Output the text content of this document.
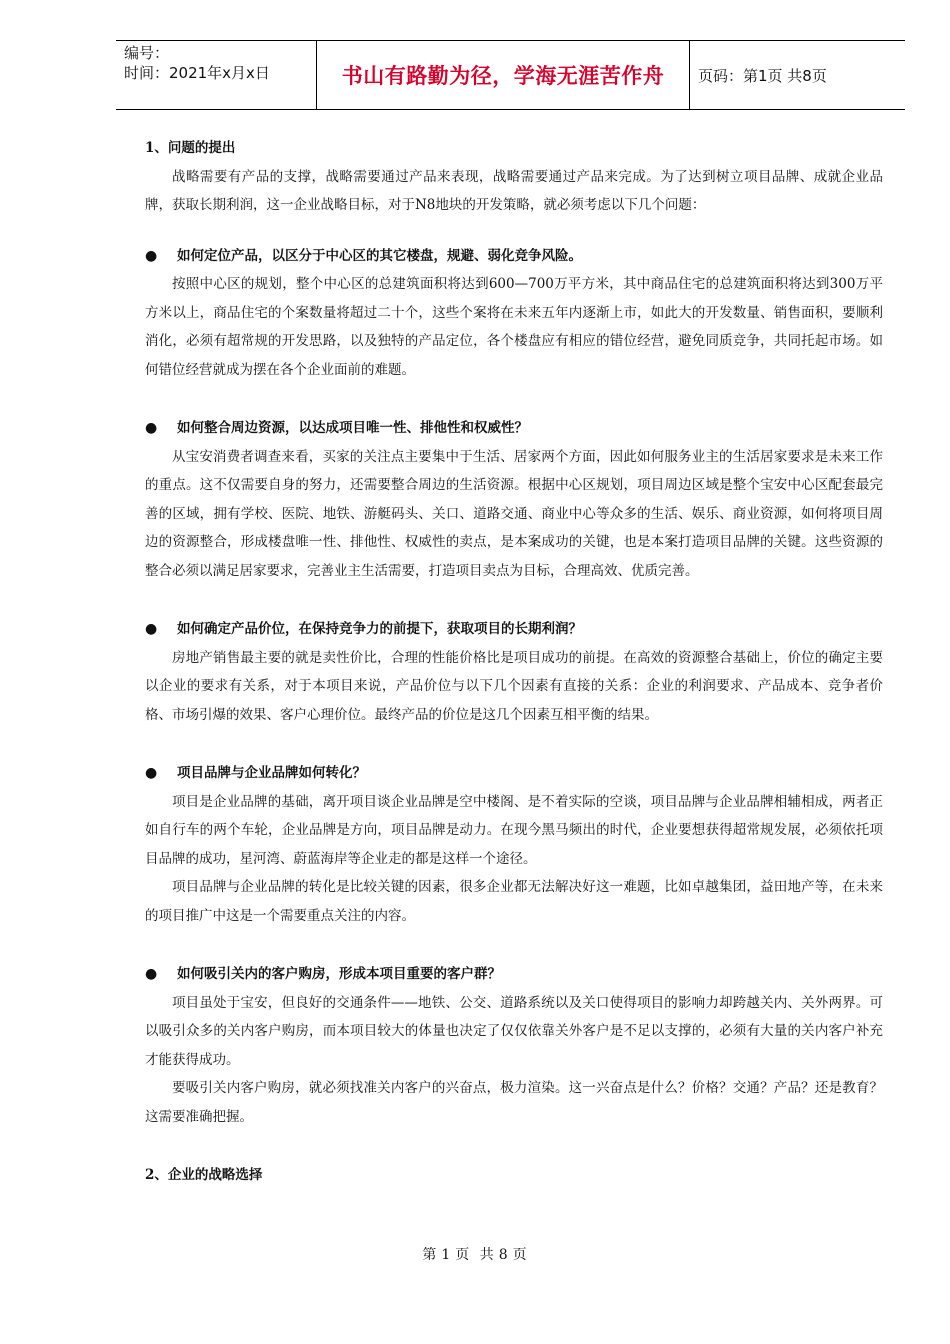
编号：
时间：2021年x月x日	书山有路勤为径，学海无涯苦作舟	页码：第1页 共8页

1、问题的提出

战略需要有产品的支撑，战略需要通过产品来表现，战略需要通过产品来完成。为了达到树立项目品牌、成就企业品牌，获取长期利润，这一企业战略目标，对于N8地块的开发策略，就必须考虑以下几个问题：

● 如何定位产品，以区分于中心区的其它楼盘，规避、弱化竞争风险。

按照中心区的规划，整个中心区的总建筑面积将达到600—700万平方米，其中商品住宅的总建筑面积将达到300万平方米以上，商品住宅的个案数量将超过二十个，这些个案将在未来五年内逐渐上市，如此大的开发数量、销售面积，要顺利消化，必须有超常规的开发思路，以及独特的产品定位，各个楼盘应有相应的错位经营，避免同质竞争，共同托起市场。如何错位经营就成为摆在各个企业面前的难题。

● 如何整合周边资源，以达成项目唯一性、排他性和权威性？

从宝安消费者调查来看，买家的关注点主要集中于生活、居家两个方面，因此如何服务业主的生活居家要求是未来工作的重点。这不仅需要自身的努力，还需要整合周边的生活资源。根据中心区规划，项目周边区域是整个宝安中心区配套最完善的区域，拥有学校、医院、地铁、游艇码头、关口、道路交通、商业中心等众多的生活、娱乐、商业资源，如何将项目周边的资源整合，形成楼盘唯一性、排他性、权威性的卖点，是本案成功的关键，也是本案打造项目品牌的关键。这些资源的整合必须以满足居家要求，完善业主生活需要，打造项目卖点为目标，合理高效、优质完善。

● 如何确定产品价位，在保持竞争力的前提下，获取项目的长期利润？

房地产销售最主要的就是卖性价比，合理的性能价格比是项目成功的前提。在高效的资源整合基础上，价位的确定主要以企业的要求有关系，对于本项目来说，产品价位与以下几个因素有直接的关系：企业的利润要求、产品成本、竞争者价格、市场引爆的效果、客户心理价位。最终产品的价位是这几个因素互相平衡的结果。

● 项目品牌与企业品牌如何转化？

项目是企业品牌的基础，离开项目谈企业品牌是空中楼阁、是不着实际的空谈，项目品牌与企业品牌相辅相成，两者正如自行车的两个车轮，企业品牌是方向，项目品牌是动力。在现今黑马频出的时代，企业要想获得超常规发展，必须依托项目品牌的成功，星河湾、蔚蓝海岸等企业走的都是这样一个途径。

项目品牌与企业品牌的转化是比较关键的因素，很多企业都无法解决好这一难题，比如卓越集团，益田地产等，在未来的项目推广中这是一个需要重点关注的内容。

● 如何吸引关内的客户购房，形成本项目重要的客户群？

项目虽处于宝安，但良好的交通条件——地铁、公交、道路系统以及关口使得项目的影响力却跨越关内、关外两界。可以吸引众多的关内客户购房，而本项目较大的体量也决定了仅仅依靠关外客户是不足以支撑的，必须有大量的关内客户补充才能获得成功。

要吸引关内客户购房，就必须找准关内客户的兴奋点，极力渲染。这一兴奋点是什么？价格？交通？产品？还是教育？这需要准确把握。

2、企业的战略选择

第 1 页 共 8 页
